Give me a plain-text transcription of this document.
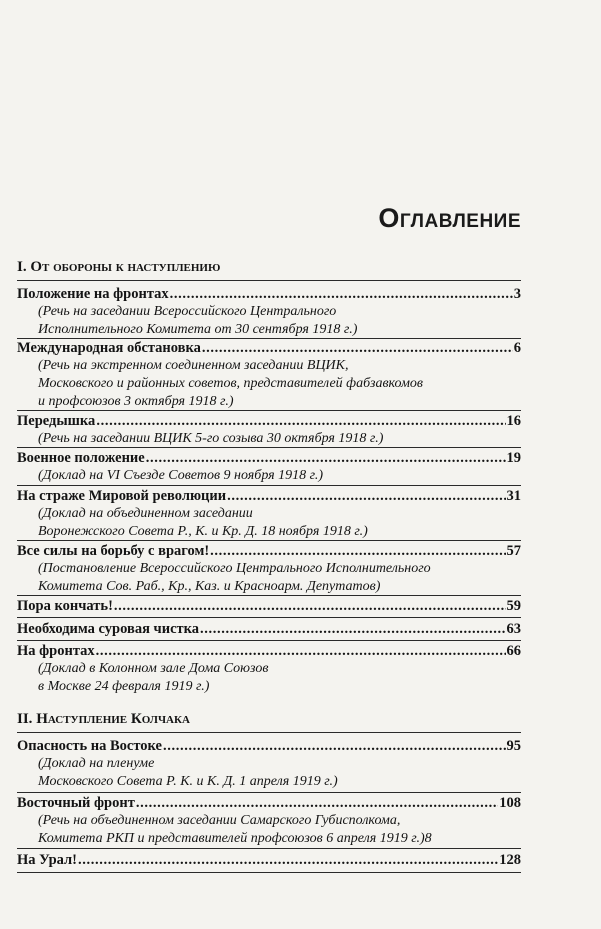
Оглавление
I. От обороны к наступлению
Положение на фронтах . . .	3
(Речь на заседании Всероссийского Центрального
Исполнительного Комитета от 30 сентября 1918 г.)
Международная обстановка . . .	6
(Речь на экстренном соединенном заседании ВЦИК,
Московского и районных советов, представителей фабзавкомов
и профсоюзов 3 октября 1918 г.)
Передышка . . .	16
(Речь на заседании ВЦИК 5-го созыва 30 октября 1918 г.)
Военное положение . . .	19
(Доклад на VI Съезде Советов 9 ноября 1918 г.)
На страже Мировой революции . . .	31
(Доклад на объединенном заседании
Воронежского Совета Р., К. и Кр. Д. 18 ноября 1918 г.)
Все силы на борьбу с врагом! . . .	57
(Постановление Всероссийского Центрального Исполнительного
Комитета Сов. Раб., Кр., Каз. и Красноарм. Депутатов)
Пора кончать! . . .	59
Необходима суровая чистка . . .	63
На фронтах . . .	66
(Доклад в Колонном зале Дома Союзов
в Москве 24 февраля 1919 г.)
II. Наступление Колчака
Опасность на Востоке . . .	95
(Доклад на пленуме
Московского Совета Р. К. и К. Д. 1 апреля 1919 г.)
Восточный фронт . . .	108
(Речь на объединенном заседании Самарского Губисполкома,
Комитета РКП и представителей профсоюзов 6 апреля 1919 г.)8
На Урал! . . .	128
